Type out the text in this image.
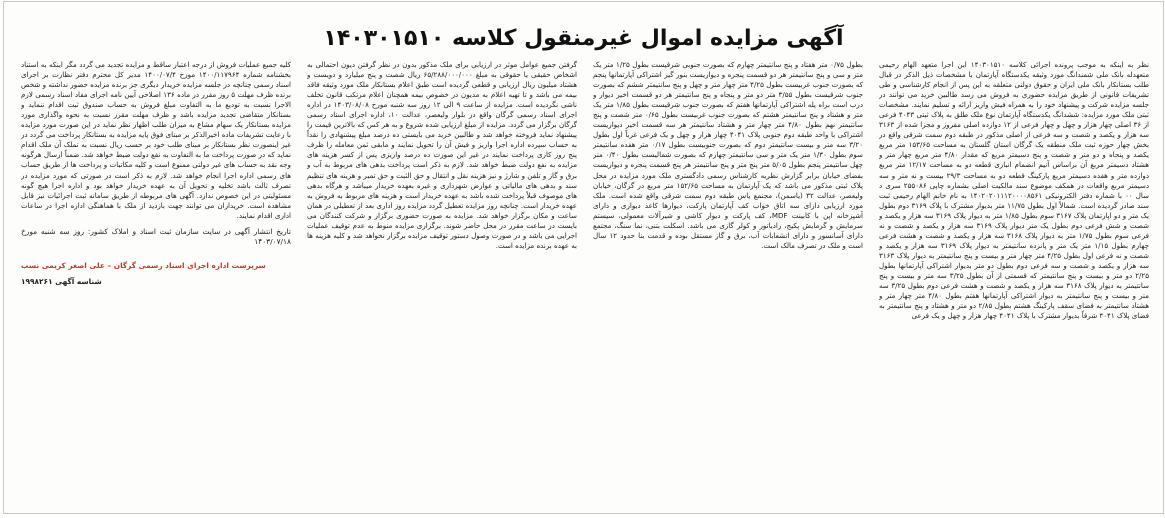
آگهی مزایده اموال غیرمنقول کلاسه ۱۴۰۳۰۱۵۱۰

نظر به اینکه به موجب پرونده اجرائی کلاسه ۱۴۰۳۰۱۵۱۰ این اجرا متعهد الهام رحیمی متعهدله بانک ملی شمندانگ مورد وثیقه یکدستگاه آپارتمان با مشخصات ذیل الذکر در قبال طلب بستانکار بانک ملی ایران و حقوق دولتی متعلقه به این پس از انجام کارشناسی و طی تشریفات قانونی از طریق مزایده حضوری به فروش می رسد طالبین خرید می توانند در جلسه مزایده شرکت و پیشنهاد خود را به همراه فیش واریز ارائه و تسلیم نمایند. مشخصات ثبتی ملک مورد مزایده: ششدانگ یکدستگاه آپارتمان نوع ملک طلق به پلاک ثبتی ۴۰۴۳ فرعی از ۳۶ اصلی چهار هزار و چهل و چهار فرعی از ۱۲ دوازده اصلی مفروز و مجزا شده از ۳۱۶۳ سه هزار و یکصد و شصت و سه فرعی از اصلی مذکور در طبقه دوم سمت شرقی واقع در بخش چهار حوزه ثبت ملک منطقه یک گرگان استان گلستان به مساحت ۱۵۳/۶۵ متر مربع یکصد و پنجاه و دو متر و شصت و پنج دسیمتر مربع که مقدار ۴/۸۰ متر مربع چهار متر و هشتاد دسیمتر مربع آن براساس آنیم انضمام انباری قطعه دو به مساحت ۱۲/۱۷ متر مربع دوازده متر و هفده دسیمتر مربع پارکینگ قطعه دو به مساحت ۲۹/۳ بیست و نه متر و سه دسیمتر مربع واقعات در همکف موضوع سند مالکیت اصلی بشماره چاپی ۲۵۵۰۸۶ سری د سال ۰۰ با شماره دفتر الکترونیکی ۱۴۰۲۰۲۰۱۱۱۲۰۰۰۰۸۵۶۱ به نام خانم الهام رحیمی ثبت سند صادر گردیده است. شمالاً اول بطول ۱۱/۷۵ متر بدیوار مشترک با پلاک ۳۱۶۹ دوم بطول یک متر و دو اپارتمان پلاک ۳۱۶۷ سوم بطول ۱/۸۵ متر به دیوار پلاک ۳۱۶۹ سه هزار و یکصد و شصت و شش فرعی دوم بطول یک متر دیوار پلاک ۳۱۶۹ سه هزار و یکصد و شصت و نه فرعی سوم بطول ۱/۷۵ متر به دیوار پلاک ۳۱۶۸ سه هزار و یکصد و شصت و هشت فرعی چهارم بطول ۱/۱۵ متر یک متر و پانزده سانتیمتر به دیوار پلاک ۳۱۶۹ سه هزار و یکصد و شصت و نه فرعی اول بطول ۴/۲۵ متر چهار متر و بیست و پنج سانتیمتر به دیوار پلاک ۳۱۶۳ سه هزار و یکصد و شصت و سه فرعی دوم بطول دو متر بدیوار اشتراکی آپارتمانها بطول ۲/۲۵ دو متر و بیست و پنج سانتیمتر که قسمتی از آن بطول ۳/۲۵ سه متر و بیست و پنج سانتیمتر به دیوار پلاک ۳۱۶۸ سه هزار و یکصد و شصت و هشت فرعی دوم بطول ۳/۲۵ سه متر و بیست و پنج سانتیمتر به دیوار اشتراکی آپارتمانها هفتم بطول ۴/۸۰ متر چهار متر و هشتاد سانتیمتر به فضای سقف پارکینگ هشتم بطول ۲/۸۵ دو متر و هشتاد و پنج سانتیمتر به فضای پلاک ۴۰۴۱ شرقاً بدیوار مشترک با پلاک ۴۰۴۱ چهار هزار و چهل و یک فرعی

بطول ۰/۷۵ متر هفتاد و پنج سانتیمتر چهارم که بصورت جنوبی شرقیست بطول ۱/۲۵ متر یک متر و سی و پنج سانتیمتر هر دو قسمت پنجره و دیواریست بنور گیر اشتراکی آپارتمانها پنجم که بصورت جنوب غربیست بطول ۴/۲۵ متر چهار متر و چهل و پنج سانتیمتر ششم که بصورت جنوب شرقیست بطول ۳/۵۵ متر دو متر و پنجاه و پنج سانتیمتر هر دو قسمت اخیر دیوار و درب است براه پله اشتراکی آپارتمانها هفتم که بصورت جنوب شرقیست بطول ۱/۸۵ متر یک متر و هشتاد و پنج سانتیمتر هشتم که بصورت جنوب غربیست بطول ۰/۶۵ متر شصت و پنج سانتیمتر نهم بطول ۴/۸۰ متر چهار متر و هشتاد سانتیمتر هر سه قسمت اخیر دیواریست اشتراکی با واحد طبقه دوم جنوبی پلاک ۴۰۴۱ چهار هزار و چهل و یک فرعی غرباً اول بطول ۳/۲۰ سه متر و بیست سانتیمتر دوم که بصورت جنوبیست بطول ۰/۱۷ متر هفده سانتیمتر سوم بطول ۱/۳۰ متر یک متر و سی سانتیمتر چهارم که بصورت شمالیست بطول ۰/۴۰ متر چهل سانتیمتر پنجم بطول ۵/۰۵ متر پنج متر و پنج سانتیمتر هر پنج قسمت پنجره و دیواریست بفضای خیابان برابر گزارش نظریه کارشناس رسمی دادگستری ملک مورد مزایده در محل پلاک ثبتی مذکور می باشد که یک آپارتمان به مساحت ۱۵۲/۶۵ متر مربع در گرگان، خیابان ولیعصر، عدالت ۳۲ (یاسمن)، مجتمع یاس طبقه دوم سمت شرقی واقع شده است. ملک مورد ارزیابی دارای سه اتاق خواب کف آپارتمان پارکت، دیوارها کاغذ دیواری و دارای آشپزخانه اپن با کابینت MDF، کف پارکت و دیوار کاشی و شیرآلات معمولی، سیستم سرمایش و گرمایش پکیج، رادیاتور و کولر گازی می باشد. اسکلت بتنی، نما سنگ، مجتمع دارای آسانسور و دارای انشعابات آب، برق و گاز مستقل بوده و قدمت بنا حدود ۱۲ سال است و ملک در تصرف مالک است.

گرفتن جمیع عوامل موثر در ارزیابی برای ملک مذکور بدون در نظر گرفتن دیون احتمالی به اشخاص حقیقی یا حقوقی به مبلغ ۶۵/۲۸۸/۰۰۰/۰۰۰ ریال شصت و پنج میلیارد و دویست و هشتاد میلیون ریال ارزیابی و قطعی گردیده است طبق اعلام بستانکار ملک مورد وثیقه فاقد بیمه می باشد و تا تهیه اعلام به مدیون در خصوص بیمه همچنان اعلام مرتکب قانون تخلف ناشی نگردیده است. مزایده از ساعت ۹ الی ۱۲ روز سه شنبه مورخ ۱۴۰۳/۰۸/۰۸ در اداره اجرای اسناد رسمی گرگان واقع در بلوار ولیعصر، عدالت ۱۰، اداره اجرای اسناد رسمی گرگان برگزار می گردد. مزایده از مبلغ ارزیابی شده شروع و به هر کس که بالاترین قیمت را پیشنهاد نماید فروخته خواهد شد و طالبین خرید می بایستی ده درصد مبلغ پیشنهادی را نقداً به حساب سپرده اداره اجرا واریز و فیش آن را تحویل نمایند و مابقی ثمن معامله را ظرف پنج روز کاری پرداخت نمایند در غیر این صورت ده درصد واریزی پس از کسر هزینه های مزایده به نفع دولت ضبط خواهد شد. لازم به ذکر است پرداخت بدهی های مربوط به آب و برق و گاز و تلفن و شارژ و نیز هزینه نقل و انتقال و حق الثبت و حق تمبر و هزینه های تنظیم سند و بدهی های مالیاتی و عوارض شهرداری و غیره بعهده خریدار میباشد و هرگاه بدهی های موصوف قبلاً پرداخت شده باشد به عهده خریدار است و هزینه های مربوط به فروش به عهده خریدار است. چنانچه روز مزایده تعطیل گردد مزایده روز اداری بعد از تعطیلی در همان ساعت و مکان برگزار خواهد شد. مزایده به صورت حضوری برگزار و شرکت کنندگان می بایست در ساعت مقرر در محل حاضر شوند. برگزاری مزایده منوط به عدم توقیف عملیات اجرایی می باشد و در صورت وصول دستور توقیف مزایده برگزار نخواهد شد و کلیه هزینه ها به عهده برنده مزایده است.

کلیه جمیع عملیات فروش از درجه اعتبار ساقط و مزایده تجدید می گردد مگر اینکه به استناد بخشنامه شماره ۱۴۰۰/۱۱۷۹۶۴ مورخ ۱۴۰۰/۰۷/۴ مدیر کل محترم دفتر نظارت بر اجرای اسناد رسمی چنانچه در جلسه مزایده خریدار دیگری جز برنده مزایده حضور نداشته و شخص برنده ظرف مهلت ۵ روز مقرر در ماده ۱۳۶ اصلاحی آیین نامه اجرای مفاد اسناد رسمی لازم الاجرا نسبت به تودیع ما به التفاوت مبلغ فروش به حساب صندوق ثبت اقدام ننماید و بستانکار متقاضی تجدید مزایده باشد و ظرف مهلت مقرر نسبت به نحوه واگذاری مورد مزایده بستانکار یک سهام مشاع به میزان طلب اظهار نظر نماید در این صورت مورد مزایده با رعایت تشریفات ماده اخیرالذکر بر مبنای فوق پایه مزایده به بستانکار پرداخت می گردد در غیر اینصورت نظر بستانکار بر مبنای طلب خود بر حسب ریال نسبت به تملک آن ملک اقدام نماید که در صورت پرداخت ما به التفاوت به نفع دولت ضبط خواهد شد. ضمناً ارسال هرگونه وجه نقد به حساب های غیر دولتی ممنوع است و کلیه مکاتبات و پرداخت ها از طریق حساب های رسمی اداره اجرا انجام خواهد شد. لازم به ذکر است در صورتی که مورد مزایده در تصرف ثالث باشد تخلیه و تحویل آن به عهده خریدار خواهد بود و اداره اجرا هیچ گونه مسئولیتی در این خصوص ندارد. آگهی های مربوطه از طریق سامانه ثبت اجرائیات نیز قابل مشاهده است. خریداران می توانند جهت بازدید از ملک با هماهنگی اداره اجرا در ساعات اداری اقدام نمایند.

تاریخ انتشار آگهی در سایت سازمان ثبت اسناد و املاک کشور: روز سه شنبه مورخ ۱۴۰۳/۰۷/۱۸
سرپرست اداره اجرای اسناد رسمی گرگان – علی اصغر کریمی نسب
شناسه آگهی ۱۹۹۸۲۶۱
